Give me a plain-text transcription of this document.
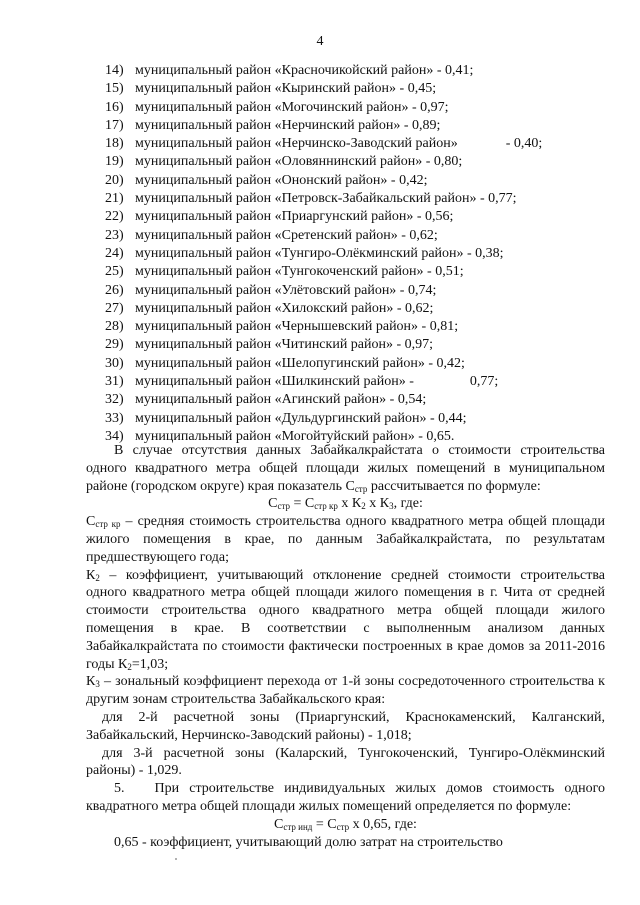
4
14) муниципальный район «Красночикойский район» - 0,41;
15) муниципальный район «Кыринский район» - 0,45;
16) муниципальный район «Могочинский район» - 0,97;
17) муниципальный район «Нерчинский район» - 0,89;
18) муниципальный район «Нерчинско-Заводский район»	- 0,40;
19) муниципальный район «Оловяннинский район» - 0,80;
20) муниципальный район «Ононский район» - 0,42;
21) муниципальный район «Петровск-Забайкальский район» - 0,77;
22) муниципальный район «Приаргунский район» - 0,56;
23) муниципальный район «Сретенский район» - 0,62;
24) муниципальный район «Тунгиро-Олёкминский район» - 0,38;
25) муниципальный район «Тунгокоченский район» - 0,51;
26) муниципальный район «Улётовский район» - 0,74;
27) муниципальный район «Хилокский район» - 0,62;
28) муниципальный район «Чернышевский район» - 0,81;
29) муниципальный район «Читинский район» - 0,97;
30) муниципальный район «Шелопугинский район» - 0,42;
31) муниципальный район «Шилкинский район» -	0,77;
32) муниципальный район «Агинский район» - 0,54;
33) муниципальный район «Дульдургинский район» - 0,44;
34) муниципальный район «Могойтуйский район» - 0,65.

В случае отсутствия данных Забайкалкрайстата о стоимости строительства одного квадратного метра общей площади жилых помещений в муниципальном районе (городском округе) края показатель $С_{стр}$ рассчитывается по формуле:

$С_{стр} = С_{стр кр}$ х $К_2$ х $К_3$, где:

$С_{стр кр}$ – средняя стоимость строительства одного квадратного метра общей площади жилого помещения в крае, по данным Забайкалкрайстата, по результатам предшествующего года;

$К_2$ – коэффициент, учитывающий отклонение средней стоимости строительства одного квадратного метра общей площади жилого помещения в г. Чита от средней стоимости строительства одного квадратного метра общей площади жилого помещения в крае. В соответствии с выполненным анализом данных Забайкалкрайстата по стоимости фактически построенных в крае домов за 2011-2016 годы $К_2=1,03$;

$К_3$ – зональный коэффициент перехода от 1-й зоны сосредоточенного строительства к другим зонам строительства Забайкальского края:

для 2-й расчетной зоны (Приаргунский, Краснокаменский, Калганский, Забайкальский, Нерчинско-Заводский районы) - 1,018;

для 3-й расчетной зоны (Каларский, Тунгокоченский, Тунгиро-Олёкминский районы) - 1,029.

5. При строительстве индивидуальных жилых домов стоимость одного квадратного метра общей площади жилых помещений определяется по формуле:

$С_{стр инд} = С_{стр}$ х 0,65, где:

0,65 - коэффициент, учитывающий долю затрат на строительство
